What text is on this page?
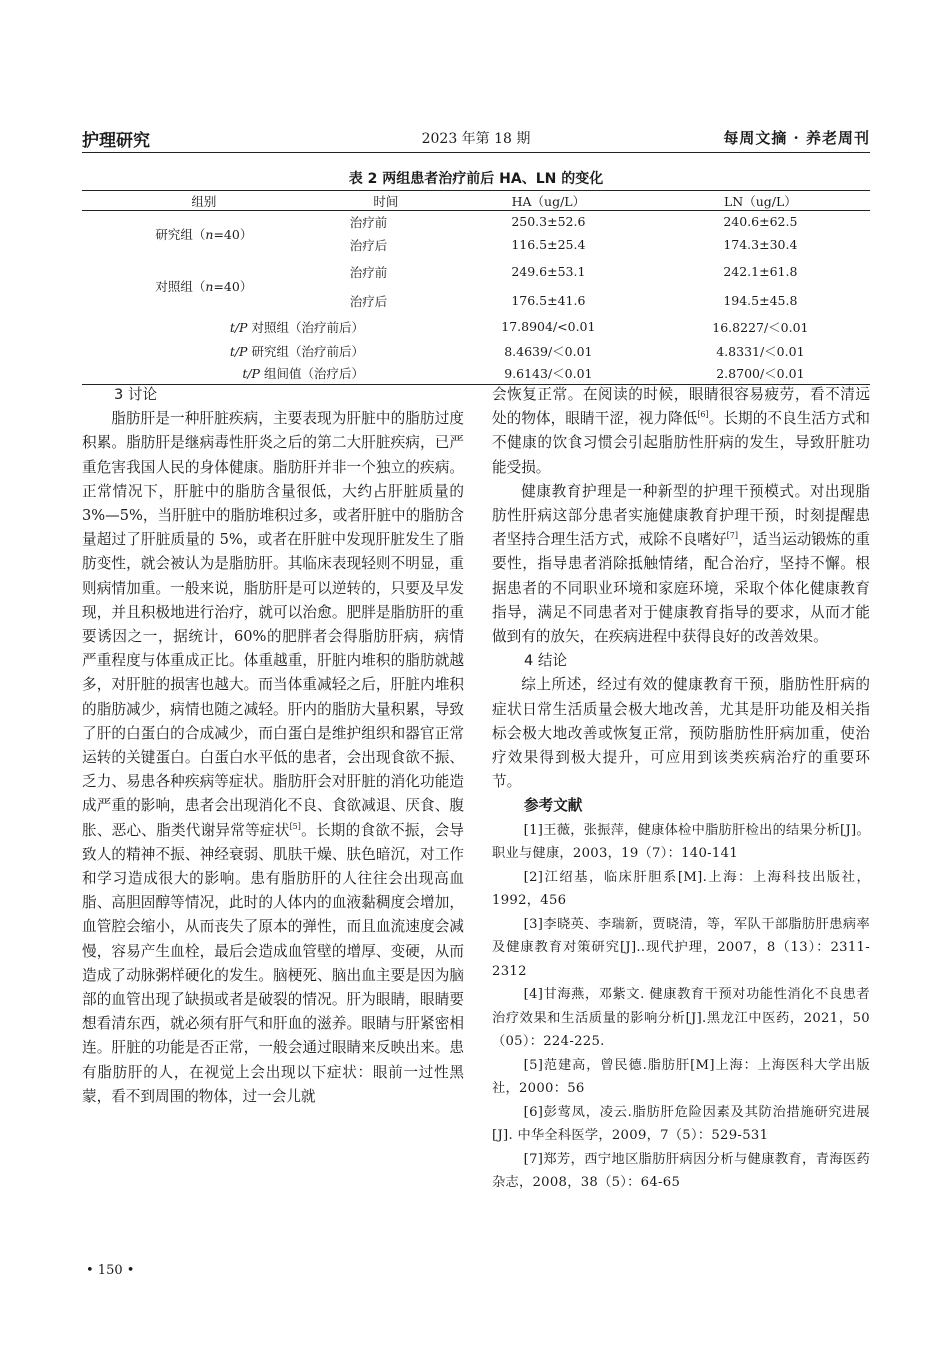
护理研究	2023 年第 18 期	每周文摘 · 养老周刊
表 2 两组患者治疗前后 HA、LN 的变化
组别	时间	HA（ug/L）	LN（ug/L）
研究组（n=40）	治疗前	250.3±52.6	240.6±62.5
	治疗后	116.5±25.4	174.3±30.4
对照组（n=40）	治疗前	249.6±53.1	242.1±61.8
	治疗后	176.5±41.6	194.5±45.8
t/P 对照组（治疗前后）		17.8904/<0.01	16.8227/＜0.01
t/P 研究组（治疗前后）		8.4639/＜0.01	4.8331/＜0.01
t/P 组间值（治疗后）		9.6143/＜0.01	2.8700/＜0.01
3 讨论

脂肪肝是一种肝脏疾病，主要表现为肝脏中的脂肪过度积累。脂肪肝是继病毒性肝炎之后的第二大肝脏疾病，已严重危害我国人民的身体健康。脂肪肝并非一个独立的疾病。正常情况下，肝脏中的脂肪含量很低，大约占肝脏质量的3%—5%，当肝脏中的脂肪堆积过多，或者肝脏中的脂肪含量超过了肝脏质量的 5%，或者在肝脏中发现肝脏发生了脂肪变性，就会被认为是脂肪肝。其临床表现轻则不明显，重则病情加重。一般来说，脂肪肝是可以逆转的，只要及早发现，并且积极地进行治疗，就可以治愈。肥胖是脂肪肝的重要诱因之一，据统计，60%的肥胖者会得脂肪肝病，病情严重程度与体重成正比。体重越重，肝脏内堆积的脂肪就越多，对肝脏的损害也越大。而当体重减轻之后，肝脏内堆积的脂肪减少，病情也随之减轻。肝内的脂肪大量积累，导致了肝的白蛋白的合成减少，而白蛋白是维护组织和器官正常运转的关键蛋白。白蛋白水平低的患者，会出现食欲不振、乏力、易患各种疾病等症状。脂肪肝会对肝脏的消化功能造成严重的影响，患者会出现消化不良、食欲减退、厌食、腹胀、恶心、脂类代谢异常等症状[5]。长期的食欲不振，会导致人的精神不振、神经衰弱、肌肤干燥、肤色暗沉，对工作和学习造成很大的影响。患有脂肪肝的人往往会出现高血脂、高胆固醇等情况，此时的人体内的血液黏稠度会增加，血管腔会缩小，从而丧失了原本的弹性，而且血流速度会减慢，容易产生血栓，最后会造成血管壁的增厚、变硬，从而造成了动脉粥样硬化的发生。脑梗死、脑出血主要是因为脑部的血管出现了缺损或者是破裂的情况。肝为眼睛，眼睛要想看清东西，就必须有肝气和肝血的滋养。眼睛与肝紧密相连。肝脏的功能是否正常，一般会通过眼睛来反映出来。患有脂肪肝的人，在视觉上会出现以下症状：眼前一过性黑蒙，看不到周围的物体，过一会儿就

会恢复正常。在阅读的时候，眼睛很容易疲劳，看不清远处的物体，眼睛干涩，视力降低[6]。长期的不良生活方式和不健康的饮食习惯会引起脂肪性肝病的发生，导致肝脏功能受损。

健康教育护理是一种新型的护理干预模式。对出现脂肪性肝病这部分患者实施健康教育护理干预，时刻提醒患者坚持合理生活方式，戒除不良嗜好[7]，适当运动锻炼的重要性，指导患者消除抵触情绪，配合治疗，坚持不懈。根据患者的不同职业环境和家庭环境，采取个体化健康教育指导，满足不同患者对于健康教育指导的要求，从而才能做到有的放矢，在疾病进程中获得良好的改善效果。

4 结论

综上所述，经过有效的健康教育干预，脂肪性肝病的症状日常生活质量会极大地改善，尤其是肝功能及相关指标会极大地改善或恢复正常，预防脂肪性肝病加重，使治疗效果得到极大提升，可应用到该类疾病治疗的重要环节。

参考文献

[1]王薇，张振萍，健康体检中脂肪肝检出的结果分析[J]。职业与健康，2003，19（7）：140-141

[2]江绍基，临床肝胆系[M].上海：上海科技出版社，1992，456

[3]李晓英、李瑞新，贾晓清，等，军队干部脂肪肝患病率及健康教育对策研究[J]..现代护理，2007，8（13）：2311-2312

[4]甘海燕，邓紫文. 健康教育干预对功能性消化不良患者治疗效果和生活质量的影响分析[J].黑龙江中医药，2021，50（05）：224-225.

[5]范建高，曾民德.脂肪肝[M]上海：上海医科大学出版社，2000：56

[6]彭莺凤，凌云.脂肪肝危险因素及其防治措施研究进展[J]. 中华全科医学，2009，7（5）：529-531

[7]郑芳，西宁地区脂肪肝病因分析与健康教育，青海医药杂志，2008，38（5）：64-65

• 150 •
